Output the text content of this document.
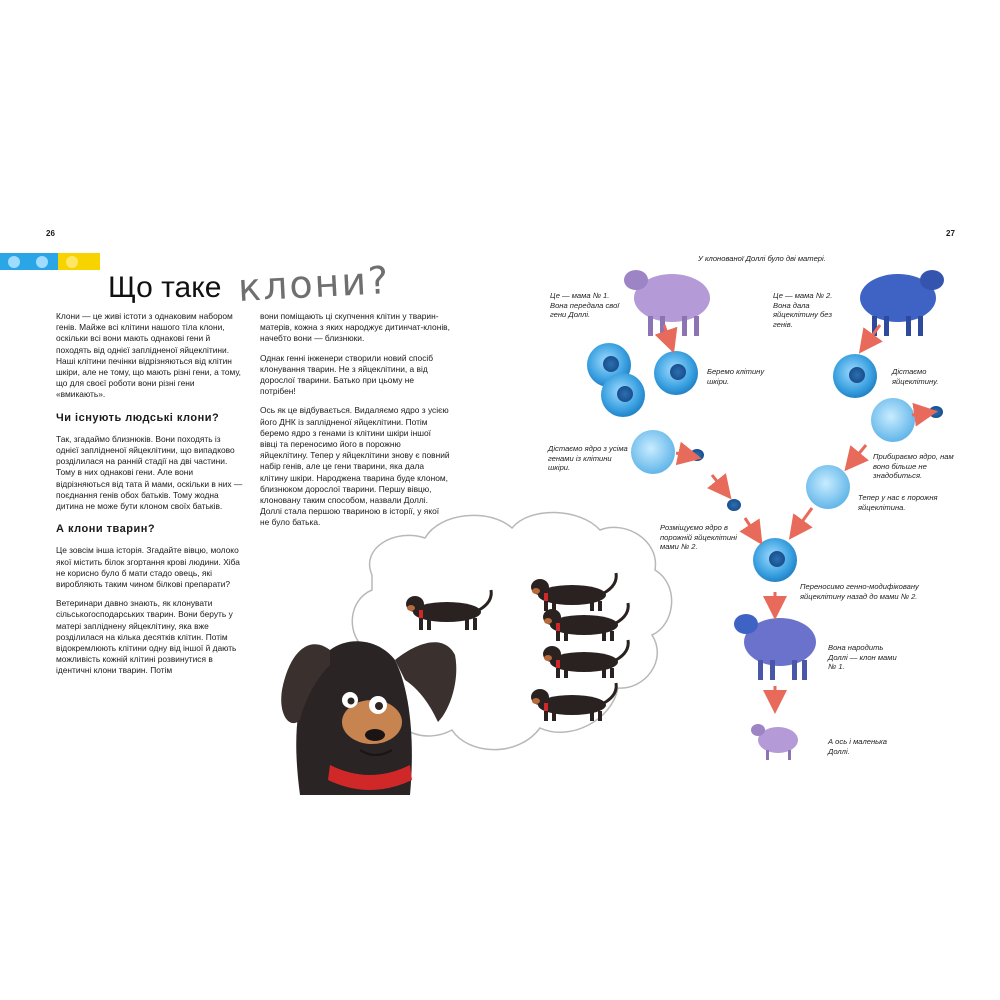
26	27
Що таке клони?

Клони — це живі істоти з однаковим набором генів. Майже всі клітини нашого тіла клони, оскільки всі вони мають однакові гени й походять від однієї заплідненої яйцеклітини. Наші клітини печінки відрізняються від клітин шкіри, але не тому, що мають різні гени, а тому, що для своєї роботи вони різні гени «вмикають».

Чи існують людські клони?

Так, згадаймо близнюків. Вони походять із однієї заплідненої яйцеклітини, що випадково розділилася на ранній стадії на дві частини. Тому в них однакові гени. Але вони відрізняються від тата й мами, оскільки в них — поєднання генів обох батьків. Тому жодна дитина не може бути клоном своїх батьків.

А клони тварин?

Це зовсім інша історія. Згадайте вівцю, молоко якої містить білок згортання крові людини. Хіба не корисно було б мати стадо овець, які виробляють таким чином білкові препарати?

Ветеринари давно знають, як клонувати сільськогосподарських тварин. Вони беруть у матері запліднену яйцеклітину, яка вже розділилася на кілька десятків клітин. Потім відокремлюють клітини одну від іншої й дають можливість кожній клітині розвинутися в ідентичні клони тварин. Потім

вони поміщають ці скупчення клітин у тварин-матерів, кожна з яких народжує дитинчат-клонів, начебто вони — близнюки.

Однак генні інженери створили новий спосіб клонування тварин. Не з яйцеклітини, а від дорослої тварини. Батько при цьому не потрібен!

Ось як це відбувається. Видаляємо ядро з усією його ДНК із заплідненої яйцеклітини. Потім беремо ядро з генами із клітини шкіри іншої вівці та переносимо його в порожню яйцеклітину. Тепер у яйцеклітини знову є повний набір генів, але це гени тварини, яка дала клітину шкіри. Народжена тварина буде клоном, близнюком дорослої тварини. Першу вівцю, клоновану таким способом, назвали Доллі. Доллі стала першою твариною в історії, у якої не було батька.

У клонованої Доллі було дві матері.
Це — мама № 1. Вона передала свої гени Доллі.
Це — мама № 2. Вона дала яйцеклітину без генів.
Беремо клітину шкіри.
Дістаємо яйцеклітину.
Дістаємо ядро з усіма генами із клітини шкіри.
Прибираємо ядро, нам воно більше не знадобиться.
Тепер у нас є порожня яйцеклітина.
Розміщуємо ядро в порожній яйцеклітині мами № 2.
Переносимо генно-модифіковану яйцеклітину назад до мами № 2.
Вона народить Доллі — клон мами № 1.
А ось і маленька Доллі.
